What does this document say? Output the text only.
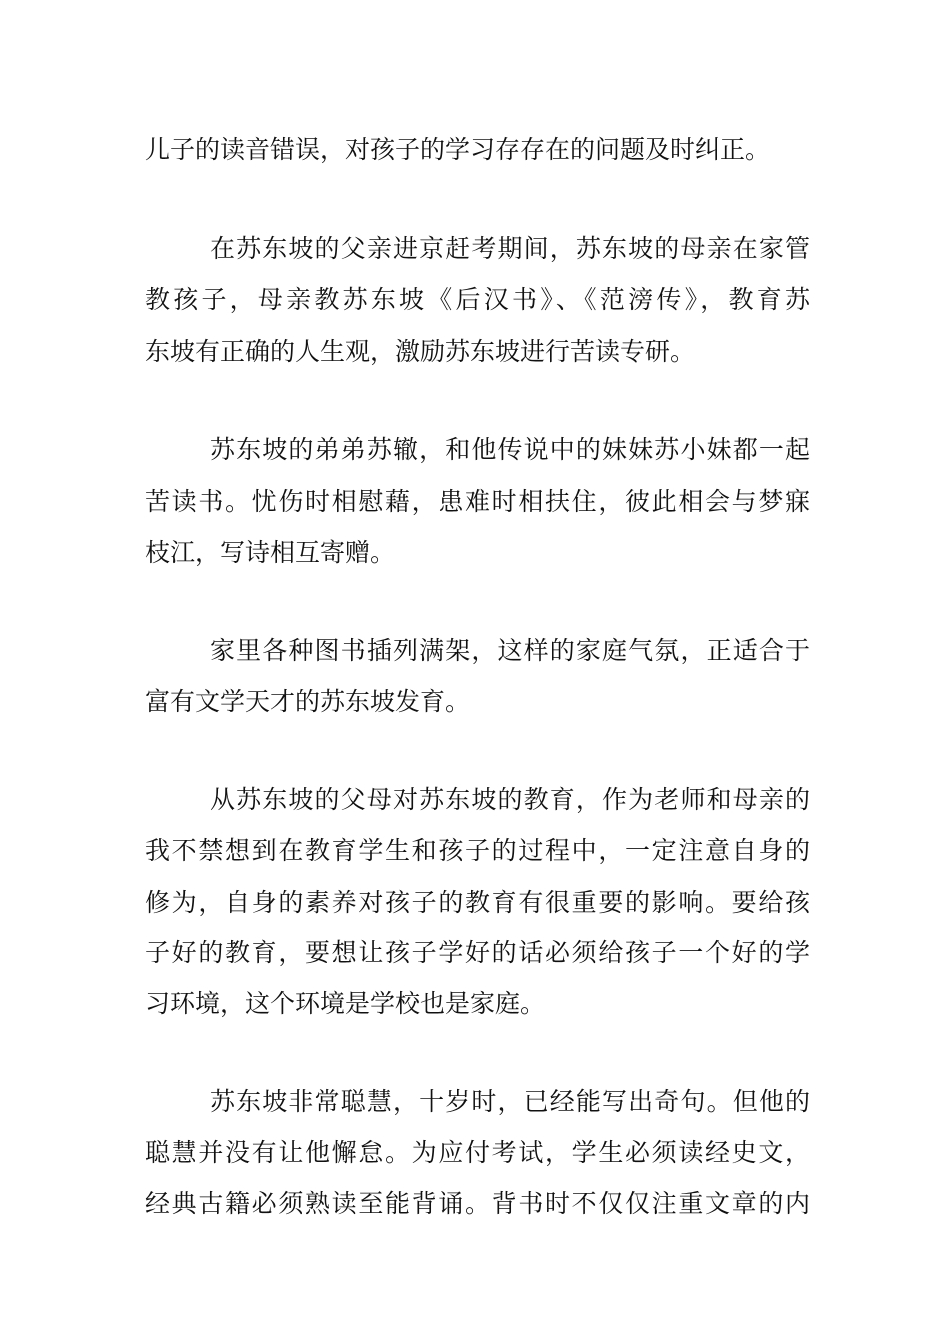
儿子的读音错误，对孩子的学习存存在的问题及时纠正。
在苏东坡的父亲进京赶考期间，苏东坡的母亲在家管
教孩子，母亲教苏东坡《后汉书》、《范滂传》，教育苏
东坡有正确的人生观，激励苏东坡进行苦读专研。
苏东坡的弟弟苏辙，和他传说中的妹妹苏小妹都一起
苦读书。忧伤时相慰藉，患难时相扶住，彼此相会与梦寐
枝江，写诗相互寄赠。
家里各种图书插列满架，这样的家庭气氛，正适合于
富有文学天才的苏东坡发育。
从苏东坡的父母对苏东坡的教育，作为老师和母亲的
我不禁想到在教育学生和孩子的过程中，一定注意自身的
修为，自身的素养对孩子的教育有很重要的影响。要给孩
子好的教育，要想让孩子学好的话必须给孩子一个好的学
习环境，这个环境是学校也是家庭。
苏东坡非常聪慧，十岁时，已经能写出奇句。但他的
聪慧并没有让他懈怠。为应付考试，学生必须读经史文，
经典古籍必须熟读至能背诵。背书时不仅仅注重文章的内
